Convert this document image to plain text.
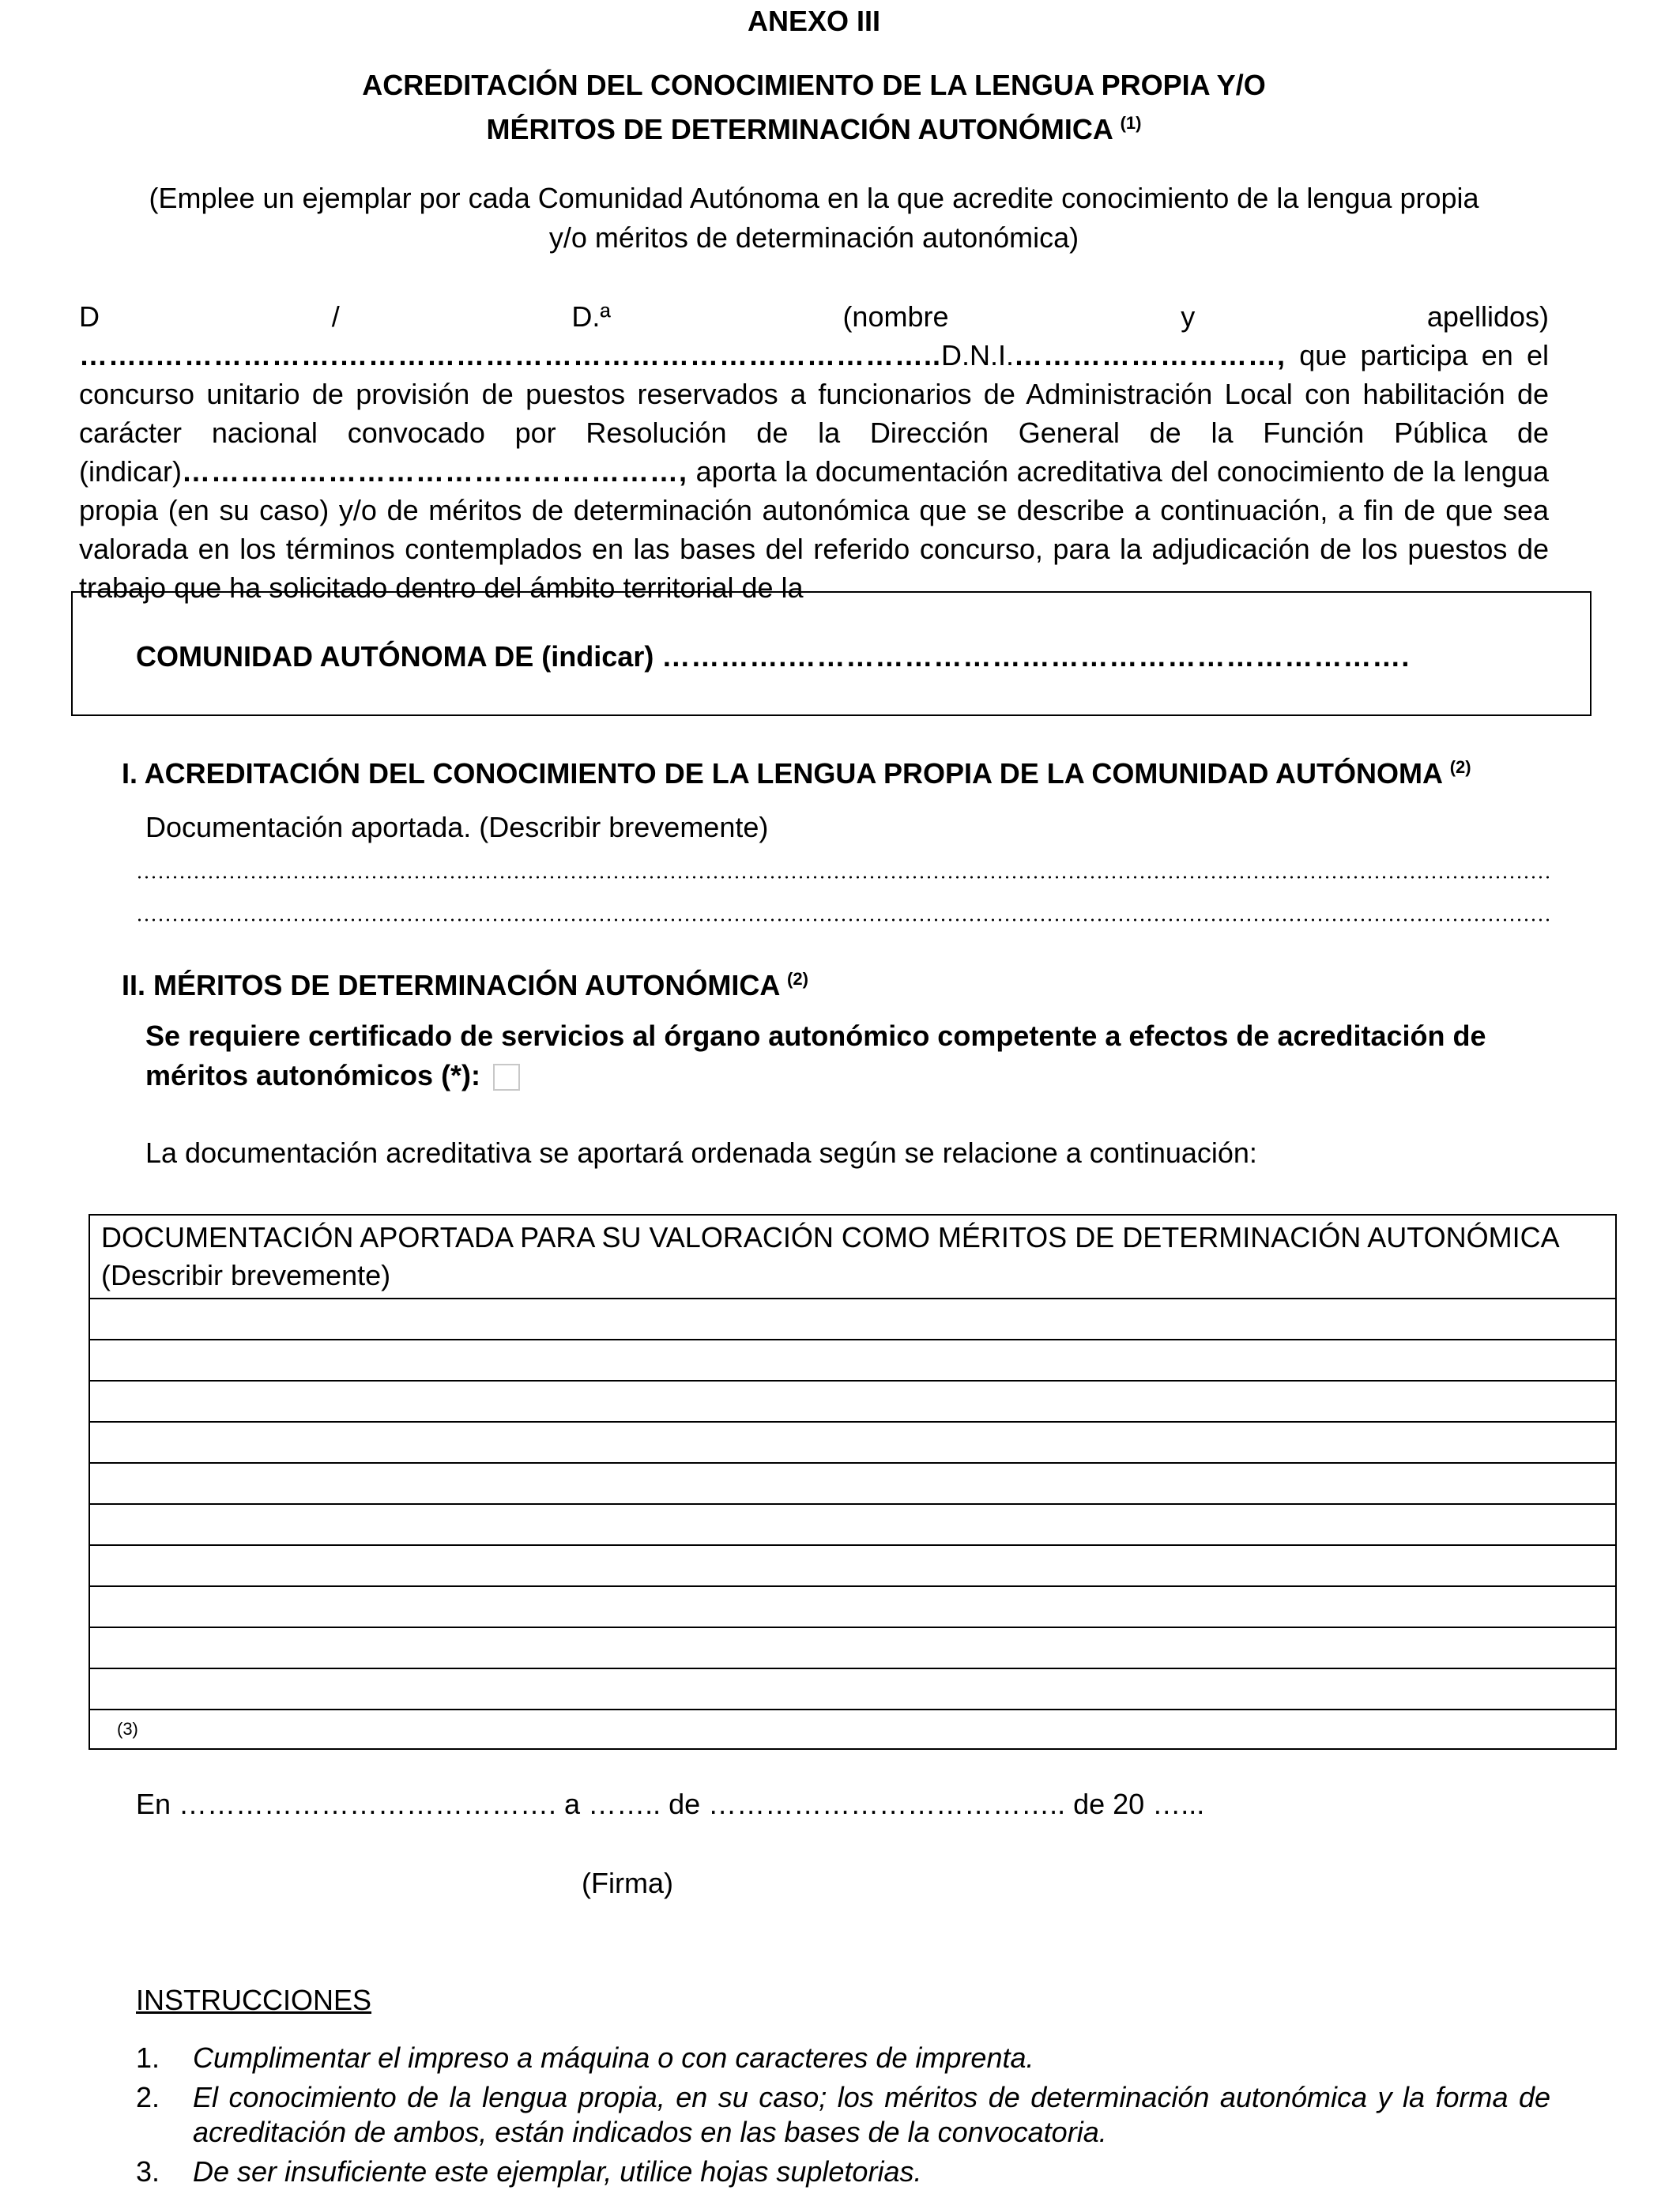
ANEXO III
ACREDITACIÓN DEL CONOCIMIENTO DE LA LENGUA PROPIA Y/O
MÉRITOS DE DETERMINACIÓN AUTONÓMICA $^{(1)}$
(Emplee un ejemplar por cada Comunidad Autónoma en la que acredite conocimiento de la lengua propia
y/o méritos de determinación autonómica)
D / D.ª (nombre y apellidos) ……..……………….……………………………………………………..D.N.I.………………………, que participa en el concurso unitario de provisión de puestos reservados a funcionarios de Administración Local con habilitación de carácter nacional convocado por Resolución de la Dirección General de la Función Pública de (indicar)……………………………………………, aporta la documentación acreditativa del conocimiento de la lengua propia (en su caso) y/o de méritos de determinación autonómica que se describe a continuación, a fin de que sea valorada en los términos contemplados en las bases del referido concurso, para la adjudicación de los puestos de trabajo que ha solicitado dentro del ámbito territorial de la
COMUNIDAD AUTÓNOMA DE (indicar) ………….……………………………………………………….
I. ACREDITACIÓN DEL CONOCIMIENTO DE LA LENGUA PROPIA DE LA COMUNIDAD AUTÓNOMA $^{(2)}$
Documentación aportada. (Describir brevemente)
II. MÉRITOS DE DETERMINACIÓN AUTONÓMICA $^{(2)}$
Se requiere certificado de servicios al órgano autonómico competente a efectos de acreditación de méritos autonómicos (*):
La documentación acreditativa se aportará ordenada según se relacione a continuación:
DOCUMENTACIÓN APORTADA PARA SU VALORACIÓN COMO MÉRITOS DE DETERMINACIÓN AUTONÓMICA
(Describir brevemente)

(3)
En …………………………………. a …….. de ……………………………….. de 20 …...
(Firma)
INSTRUCCIONES
1. Cumplimentar el impreso a máquina o con caracteres de imprenta.
2. El conocimiento de la lengua propia, en su caso; los méritos de determinación autonómica y la forma de acreditación de ambos, están indicados en las bases de la convocatoria.
3. De ser insuficiente este ejemplar, utilice hojas supletorias.
